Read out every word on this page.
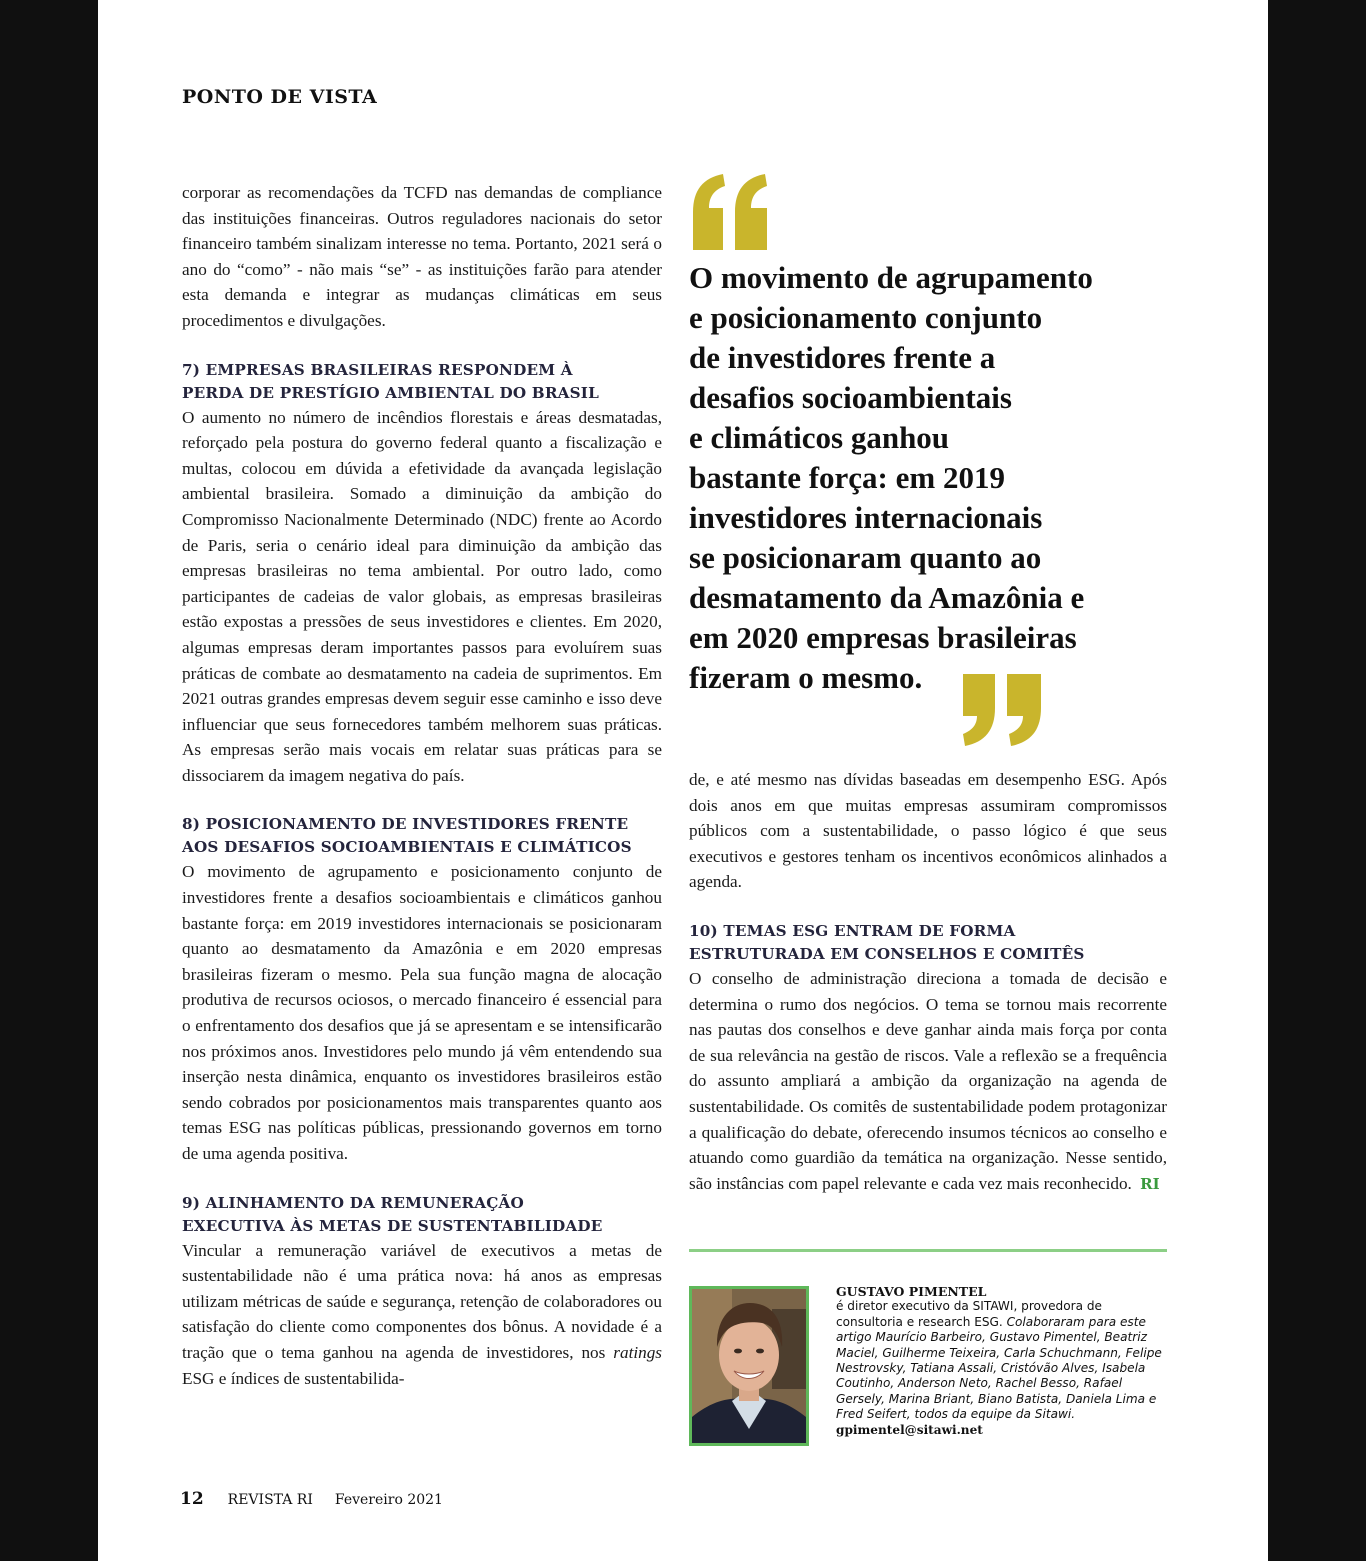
PONTO DE VISTA

corporar as recomendações da TCFD nas demandas de compliance das instituições financeiras. Outros reguladores nacionais do setor financeiro também sinalizam interesse no tema. Portanto, 2021 será o ano do “como” - não mais “se” - as instituições farão para atender esta demanda e integrar as mudanças climáticas em seus procedimentos e divulgações.

7) EMPRESAS BRASILEIRAS RESPONDEM À
PERDA DE PRESTÍGIO AMBIENTAL DO BRASIL

O aumento no número de incêndios florestais e áreas desmatadas, reforçado pela postura do governo federal quanto a fiscalização e multas, colocou em dúvida a efetividade da avançada legislação ambiental brasileira. Somado a diminuição da ambição do Compromisso Nacionalmente Determinado (NDC) frente ao Acordo de Paris, seria o cenário ideal para diminuição da ambição das empresas brasileiras no tema ambiental. Por outro lado, como participantes de cadeias de valor globais, as empresas brasileiras estão expostas a pressões de seus investidores e clientes. Em 2020, algumas empresas deram importantes passos para evoluírem suas práticas de combate ao desmatamento na cadeia de suprimentos. Em 2021 outras grandes empresas devem seguir esse caminho e isso deve influenciar que seus fornecedores também melhorem suas práticas. As empresas serão mais vocais em relatar suas práticas para se dissociarem da imagem negativa do país.

8) POSICIONAMENTO DE INVESTIDORES FRENTE
AOS DESAFIOS SOCIOAMBIENTAIS E CLIMÁTICOS

O movimento de agrupamento e posicionamento conjunto de investidores frente a desafios socioambientais e climáticos ganhou bastante força: em 2019 investidores internacionais se posicionaram quanto ao desmatamento da Amazônia e em 2020 empresas brasileiras fizeram o mesmo. Pela sua função magna de alocação produtiva de recursos ociosos, o mercado financeiro é essencial para o enfrentamento dos desafios que já se apresentam e se intensificarão nos próximos anos. Investidores pelo mundo já vêm entendendo sua inserção nesta dinâmica, enquanto os investidores brasileiros estão sendo cobrados por posicionamentos mais transparentes quanto aos temas ESG nas políticas públicas, pressionando governos em torno de uma agenda positiva.

9) ALINHAMENTO DA REMUNERAÇÃO
EXECUTIVA ÀS METAS DE SUSTENTABILIDADE

Vincular a remuneração variável de executivos a metas de sustentabilidade não é uma prática nova: há anos as empresas utilizam métricas de saúde e segurança, retenção de colaboradores ou satisfação do cliente como componentes dos bônus. A novidade é a tração que o tema ganhou na agenda de investidores, nos ratings ESG e índices de sustentabilida-

O movimento de agrupamento
e posicionamento conjunto
de investidores frente a
desafios socioambientais
e climáticos ganhou
bastante força: em 2019
investidores internacionais
se posicionaram quanto ao
desmatamento da Amazônia e
em 2020 empresas brasileiras
fizeram o mesmo.

de, e até mesmo nas dívidas baseadas em desempenho ESG. Após dois anos em que muitas empresas assumiram compromissos públicos com a sustentabilidade, o passo lógico é que seus executivos e gestores tenham os incentivos econômicos alinhados a agenda.

10) TEMAS ESG ENTRAM DE FORMA
ESTRUTURADA EM CONSELHOS E COMITÊS

O conselho de administração direciona a tomada de decisão e determina o rumo dos negócios. O tema se tornou mais recorrente nas pautas dos conselhos e deve ganhar ainda mais força por conta de sua relevância na gestão de riscos. Vale a reflexão se a frequência do assunto ampliará a ambição da organização na agenda de sustentabilidade. Os comitês de sustentabilidade podem protagonizar a qualificação do debate, oferecendo insumos técnicos ao conselho e atuando como guardião da temática na organização. Nesse sentido, são instâncias com papel relevante e cada vez mais reconhecido. RI

GUSTAVO PIMENTEL
é diretor executivo da SITAWI, provedora de consultoria e research ESG. Colaboraram para este artigo Maurício Barbeiro, Gustavo Pimentel, Beatriz Maciel, Guilherme Teixeira, Carla Schuchmann, Felipe Nestrovsky, Tatiana Assali, Cristóvão Alves, Isabela Coutinho, Anderson Neto, Rachel Besso, Rafael Gersely, Marina Briant, Biano Batista, Daniela Lima e Fred Seifert, todos da equipe da Sitawi.
gpimentel@sitawi.net
12 REVISTA RI Fevereiro 2021
